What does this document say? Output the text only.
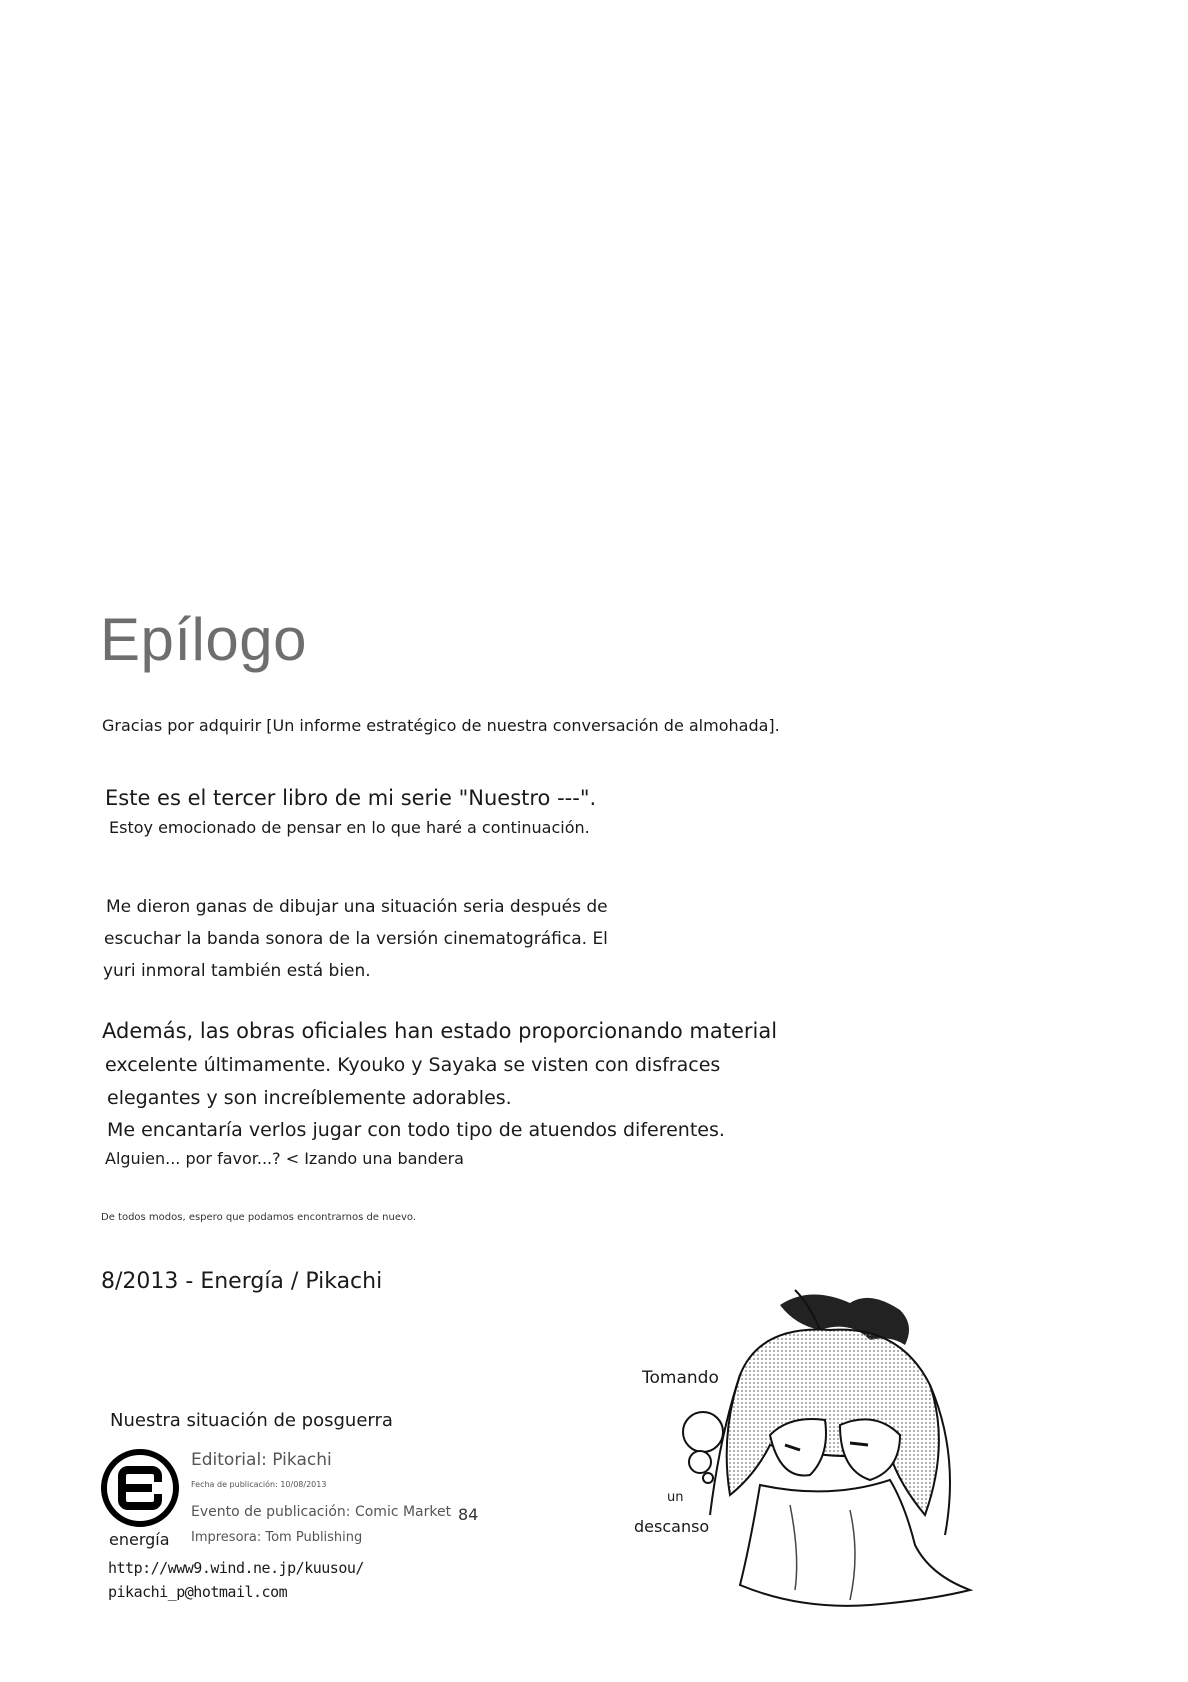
Epílogo
Gracias por adquirir [Un informe estratégico de nuestra conversación de almohada].
Este es el tercer libro de mi serie "Nuestro ---".
Estoy emocionado de pensar en lo que haré a continuación.
Me dieron ganas de dibujar una situación seria después de
escuchar la banda sonora de la versión cinematográfica. El
yuri inmoral también está bien.
Además, las obras oficiales han estado proporcionando material
excelente últimamente. Kyouko y Sayaka se visten con disfraces
elegantes y son increíblemente adorables.
Me encantaría verlos jugar con todo tipo de atuendos diferentes.
Alguien... por favor...? < Izando una bandera
De todos modos, espero que podamos encontrarnos de nuevo.
8/2013 - Energía / Pikachi
Nuestra situación de posguerra
energía
Editorial: Pikachi
Fecha de publicación: 10/08/2013
Evento de publicación: Comic Market 84
Impresora: Tom Publishing
http://www9.wind.ne.jp/kuusou/
pikachi_p@hotmail.com
Tomando
un
descanso
